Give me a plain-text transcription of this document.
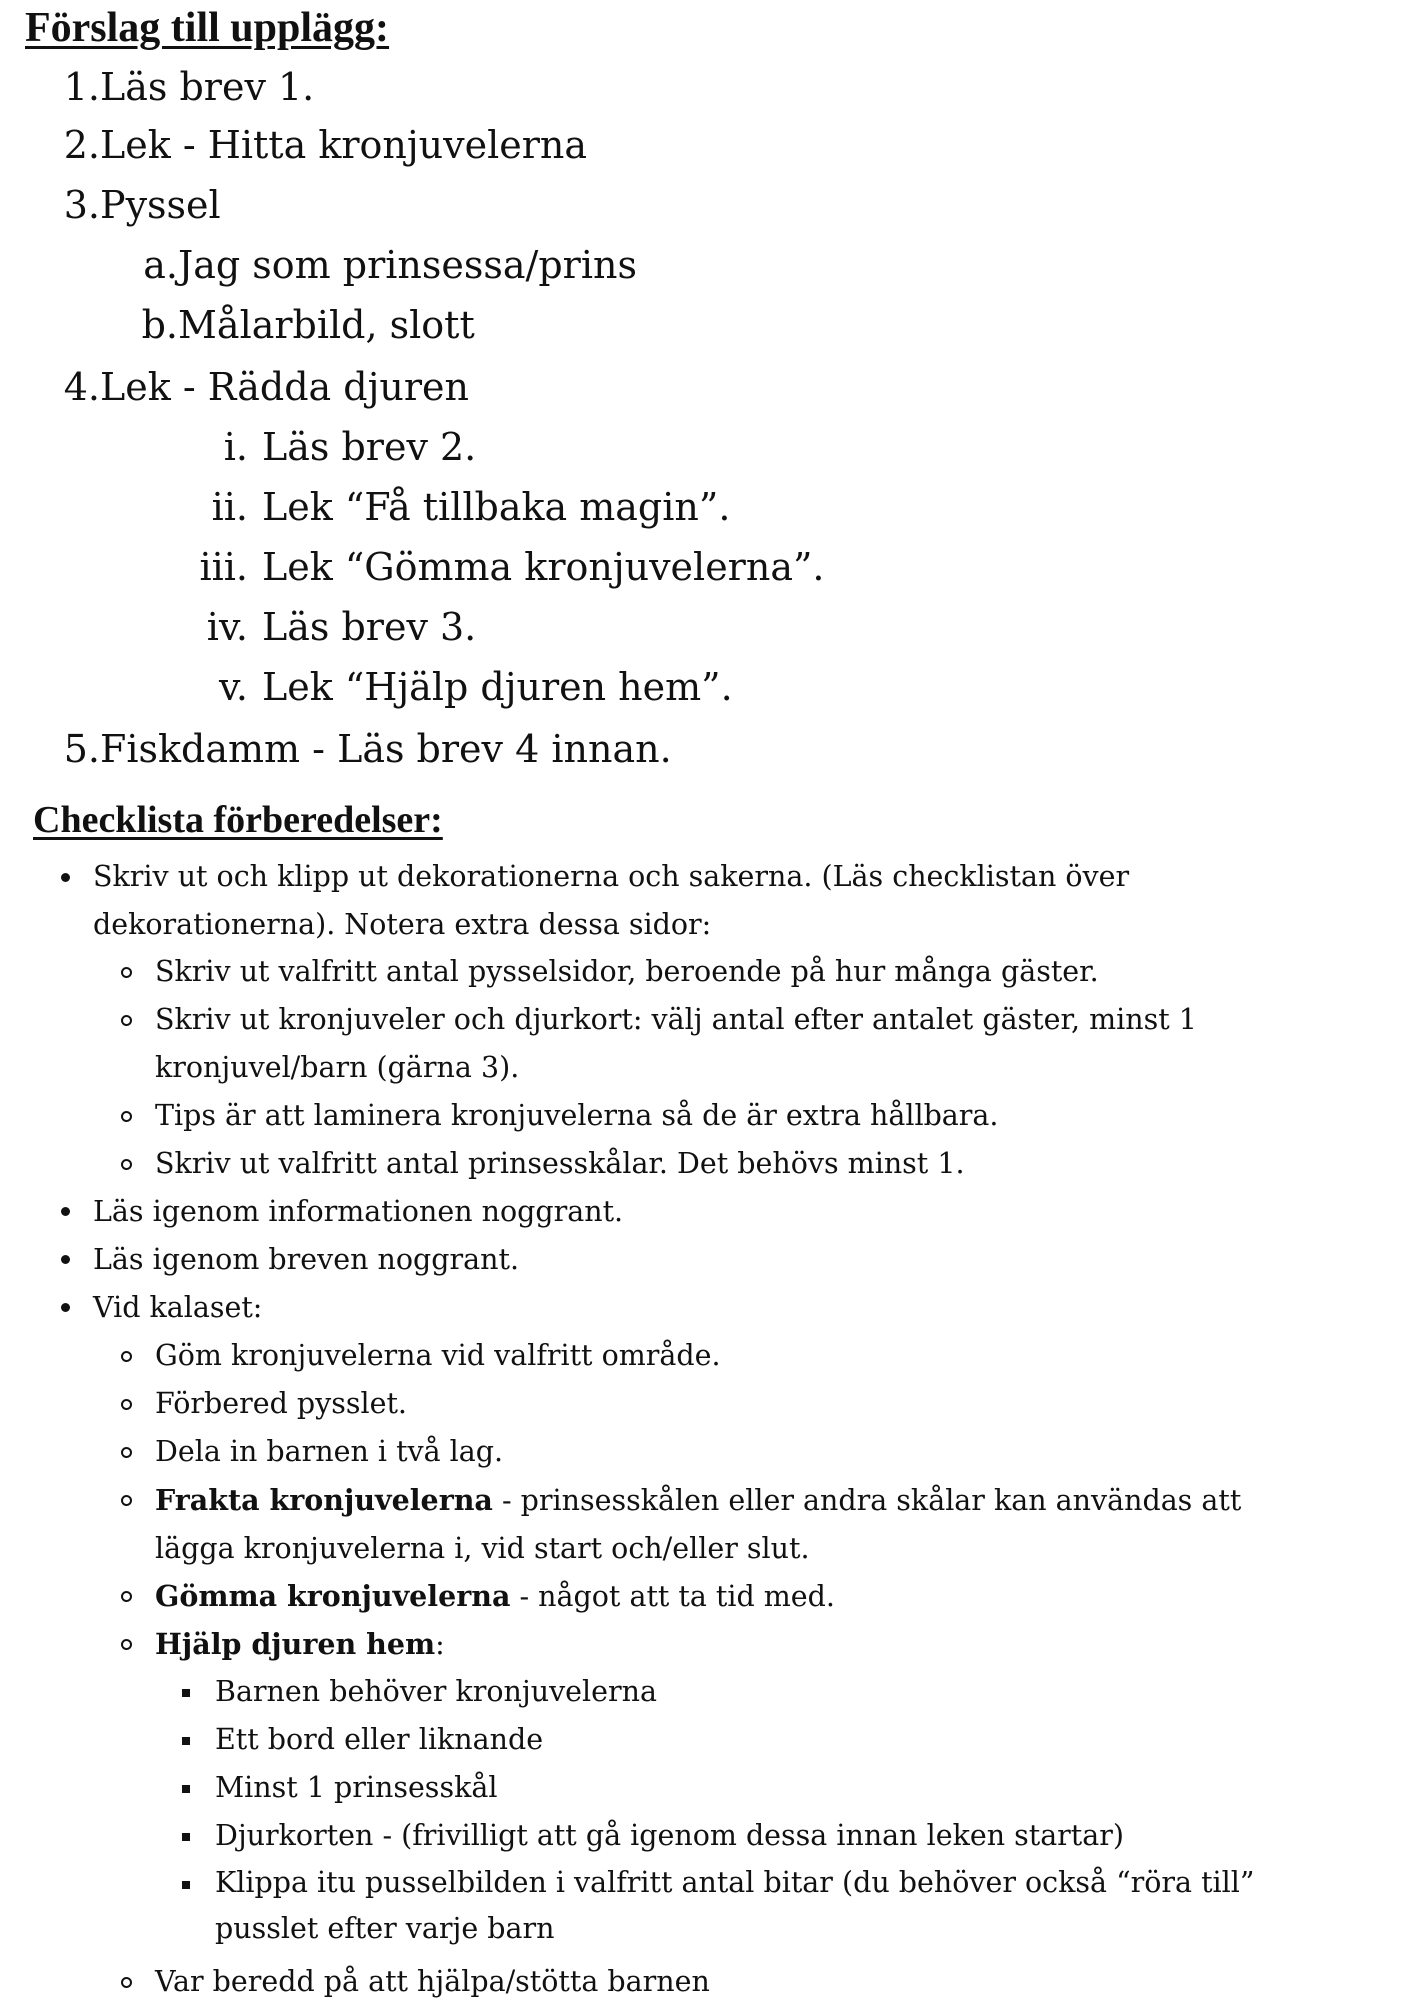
Förslag till upplägg:
1.Läs brev 1.
2.Lek - Hitta kronjuvelerna
3.Pyssel
a.Jag som prinsessa/prins
b.Målarbild, slott
4.Lek - Rädda djuren
i. Läs brev 2.
ii. Lek “Få tillbaka magin”.
iii. Lek “Gömma kronjuvelerna”.
iv. Läs brev 3.
v. Lek “Hjälp djuren hem”.
5.Fiskdamm - Läs brev 4 innan.
Checklista förberedelser:
Skriv ut och klipp ut dekorationerna och sakerna. (Läs checklistan över
dekorationerna). Notera extra dessa sidor:
Skriv ut valfritt antal pysselsidor, beroende på hur många gäster.
Skriv ut kronjuveler och djurkort: välj antal efter antalet gäster, minst 1
kronjuvel/barn (gärna 3).
Tips är att laminera kronjuvelerna så de är extra hållbara.
Skriv ut valfritt antal prinsesskålar. Det behövs minst 1.
Läs igenom informationen noggrant.
Läs igenom breven noggrant.
Vid kalaset:
Göm kronjuvelerna vid valfritt område.
Förbered pysslet.
Dela in barnen i två lag.
Frakta kronjuvelerna - prinsesskålen eller andra skålar kan användas att
lägga kronjuvelerna i, vid start och/eller slut.
Gömma kronjuvelerna - något att ta tid med.
Hjälp djuren hem:
Barnen behöver kronjuvelerna
Ett bord eller liknande
Minst 1 prinsesskål
Djurkorten - (frivilligt att gå igenom dessa innan leken startar)
Klippa itu pusselbilden i valfritt antal bitar (du behöver också “röra till”
pusslet efter varje barn
Var beredd på att hjälpa/stötta barnen
